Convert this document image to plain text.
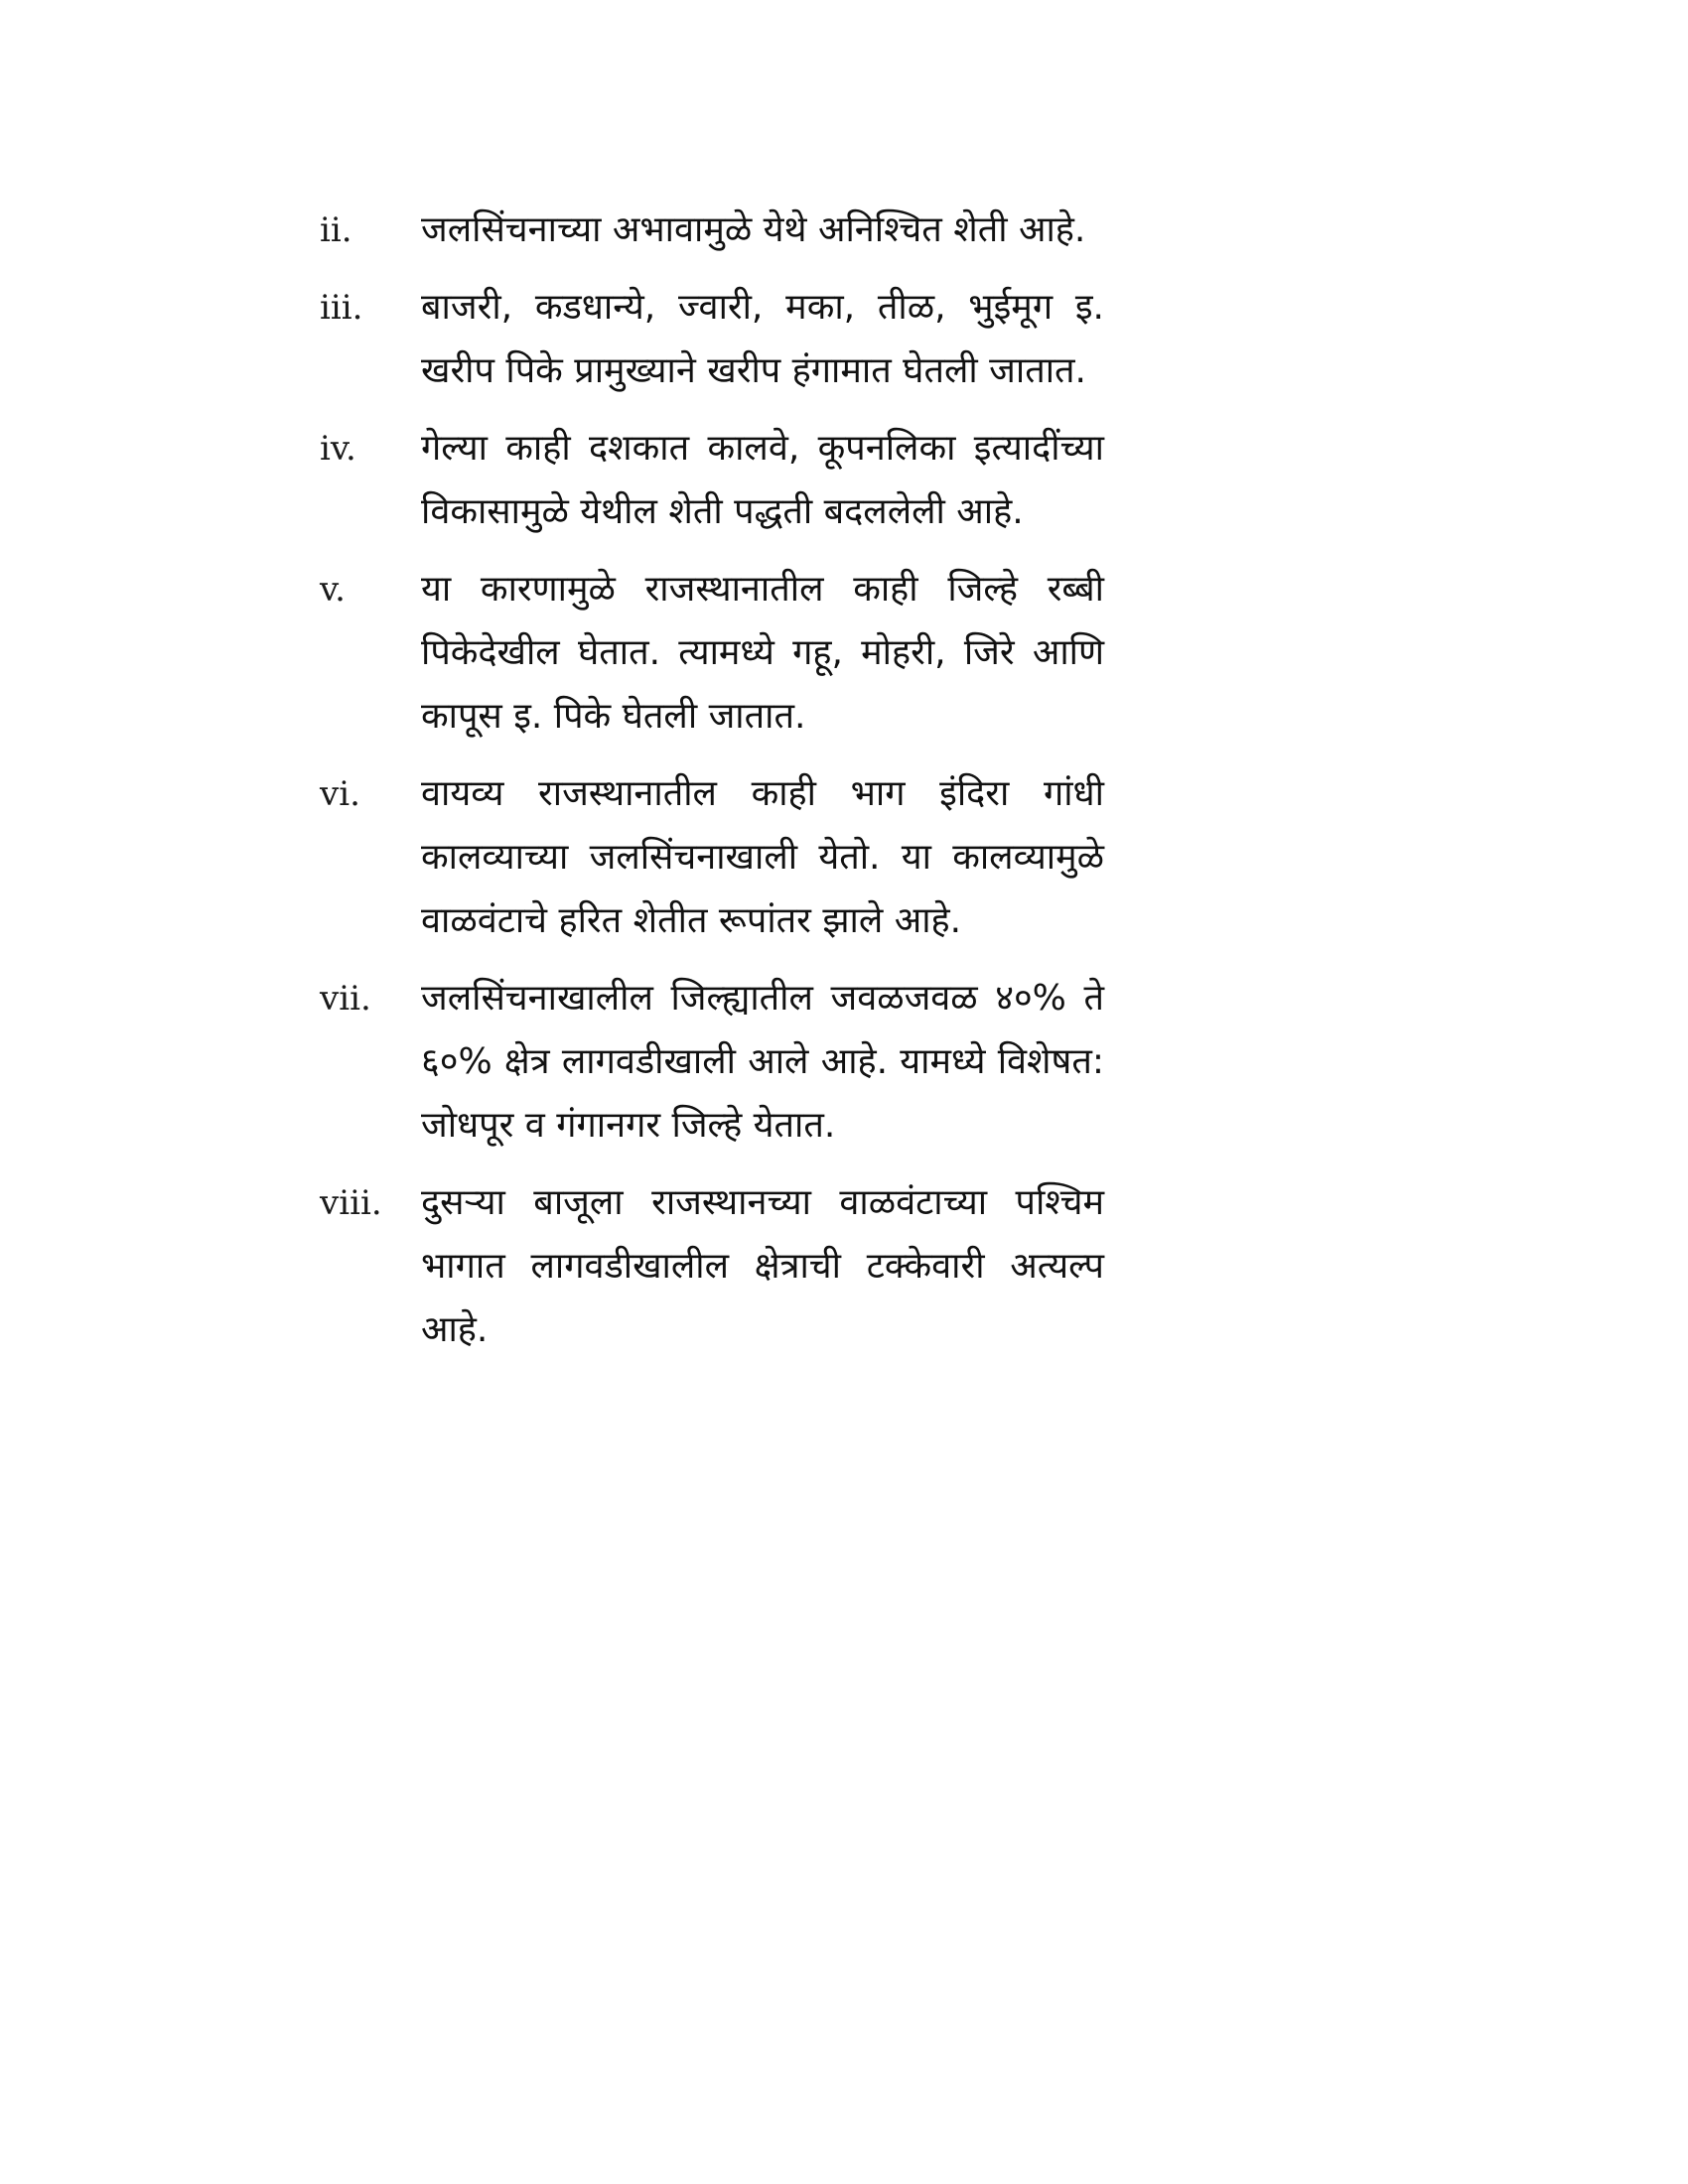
ii.	जलसिंचनाच्या अभावामुळे येथे अनिश्चित शेती आहे.
iii.	बाजरी, कडधान्ये, ज्वारी, मका, तीळ, भुईमूग इ. खरीप पिके प्रामुख्याने खरीप हंगामात घेतली जातात.
iv.	गेल्या काही दशकात कालवे, कूपनलिका इत्यादींच्या विकासामुळे येथील शेती पद्धती बदललेली आहे.
v.	या कारणामुळे राजस्थानातील काही जिल्हे रब्बी पिकेदेखील घेतात. त्यामध्ये गहू, मोहरी, जिरे आणि कापूस इ. पिके घेतली जातात.
vi.	वायव्य राजस्थानातील काही भाग इंदिरा गांधी कालव्याच्या जलसिंचनाखाली येतो. या कालव्यामुळे वाळवंटाचे हरित शेतीत रूपांतर झाले आहे.
vii.	जलसिंचनाखालील जिल्ह्यातील जवळजवळ ४०% ते ६०% क्षेत्र लागवडीखाली आले आहे. यामध्ये विशेषत: जोधपूर व गंगानगर जिल्हे येतात.
viii.	दुसऱ्या बाजूला राजस्थानच्या वाळवंटाच्या पश्चिम भागात लागवडीखालील क्षेत्राची टक्केवारी अत्यल्प आहे.
